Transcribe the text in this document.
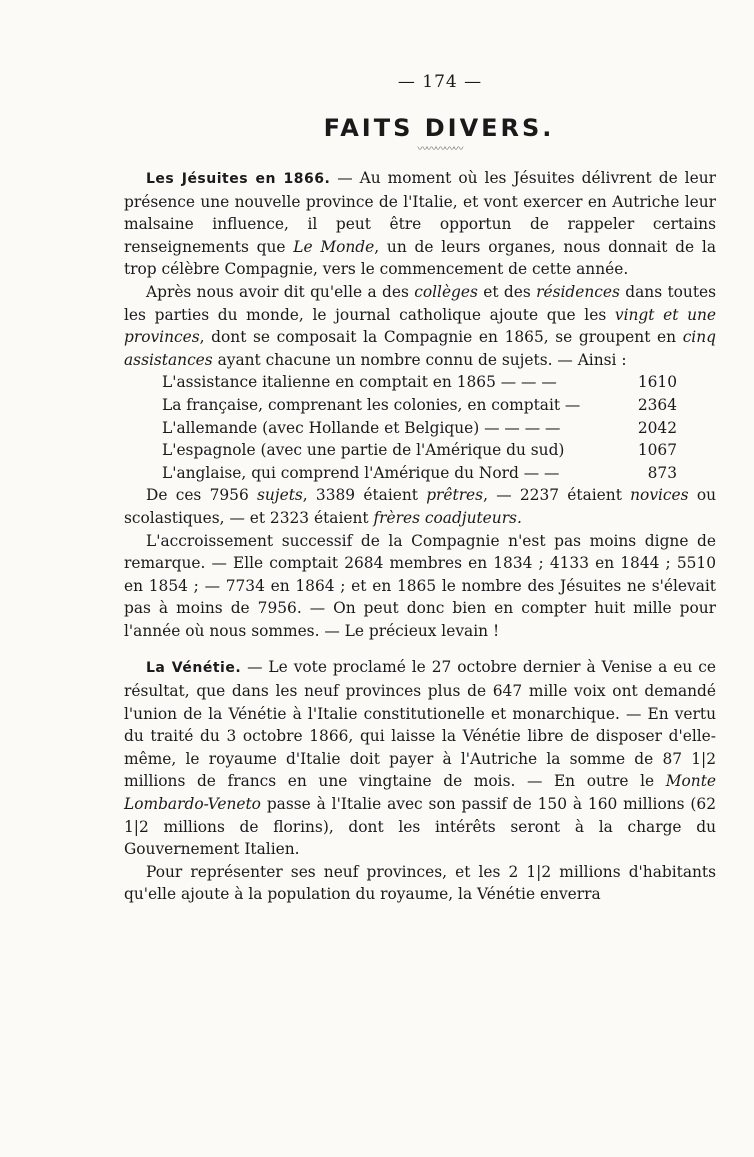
— 174 —
FAITS DIVERS.
〰〰〰〰〰

Les Jésuites en 1866. — Au moment où les Jésuites délivrent de leur présence une nouvelle province de l'Italie, et vont exercer en Autriche leur malsaine influence, il peut être opportun de rappeler certains renseignements que Le Monde, un de leurs organes, nous donnait de la trop célèbre Compagnie, vers le commencement de cette année.

Après nous avoir dit qu'elle a des collèges et des résidences dans toutes les parties du monde, le journal catholique ajoute que les vingt et une provinces, dont se composait la Compagnie en 1865, se groupent en cinq assistances ayant chacune un nombre connu de sujets. — Ainsi :

L'assistance italienne en comptait en 1865 — — —	1610
La française, comprenant les colonies, en comptait —	2364
L'allemande (avec Hollande et Belgique) — — — —	2042
L'espagnole (avec une partie de l'Amérique du sud)	1067
L'anglaise, qui comprend l'Amérique du Nord — —	873

De ces 7956 sujets, 3389 étaient prêtres, — 2237 étaient novices ou scolastiques, — et 2323 étaient frères coadjuteurs.

L'accroissement successif de la Compagnie n'est pas moins digne de remarque. — Elle comptait 2684 membres en 1834 ; 4133 en 1844 ; 5510 en 1854 ; — 7734 en 1864 ; et en 1865 le nombre des Jésuites ne s'élevait pas à moins de 7956. — On peut donc bien en compter huit mille pour l'année où nous sommes. — Le précieux levain !

La Vénétie. — Le vote proclamé le 27 octobre dernier à Venise a eu ce résultat, que dans les neuf provinces plus de 647 mille voix ont demandé l'union de la Vénétie à l'Italie constitutionelle et monarchique. — En vertu du traité du 3 octobre 1866, qui laisse la Vénétie libre de disposer d'elle-même, le royaume d'Italie doit payer à l'Autriche la somme de 87 1|2 millions de francs en une vingtaine de mois. — En outre le Monte Lombardo-Veneto passe à l'Italie avec son passif de 150 à 160 millions (62 1|2 millions de florins), dont les intérêts seront à la charge du Gouvernement Italien.

Pour représenter ses neuf provinces, et les 2 1|2 millions d'habitants qu'elle ajoute à la population du royaume, la Vénétie enverra
